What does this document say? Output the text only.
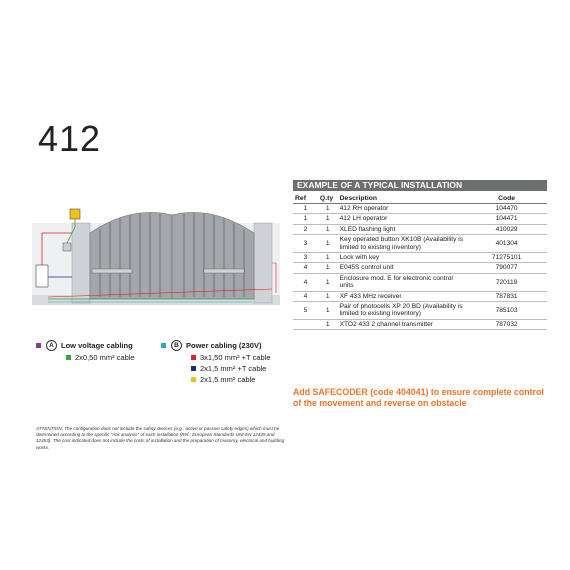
412
A Low voltage cabling
2x0,50 mm² cable
B Power cabling (230V)
3x1,50 mm² +T cable
2x1,5 mm² +T cable
2x1,5 mm² cable
ATTENTION: The configuration does not include the safety devices (e.g.: active or passive safety edges) which must be determined according to the specific "risk analysis" of each installation (Ref.: European Standards UNI-EN 12445 and 12453). The cost indicated does not include the costs of installation and the preparation of masonry, electrical and building works.
EXAMPLE OF A TYPICAL INSTALLATION
Ref	Q.ty	Description	Code
1	1	412 RH operator	104470
1	1	412 LH operator	104471
2	1	XLED flashing light	410029
3	1	Key operated button XK10B (Availability is limited to existing inventory)	401304
3	1	Lock with key	71275101
4	1	E045S control unit	790077
4	1	Enclosure mod. E for electronic control units	720119
4	1	XF 433 MHz receiver	787831
5	1	Pair of photocells XP 20 BD (Availability is limited to existing inventory)	785103
	1	XTO2 433 2 channel transmitter	787032
Add SAFECODER (code 404041) to ensure complete control of the movement and reverse on obstacle
